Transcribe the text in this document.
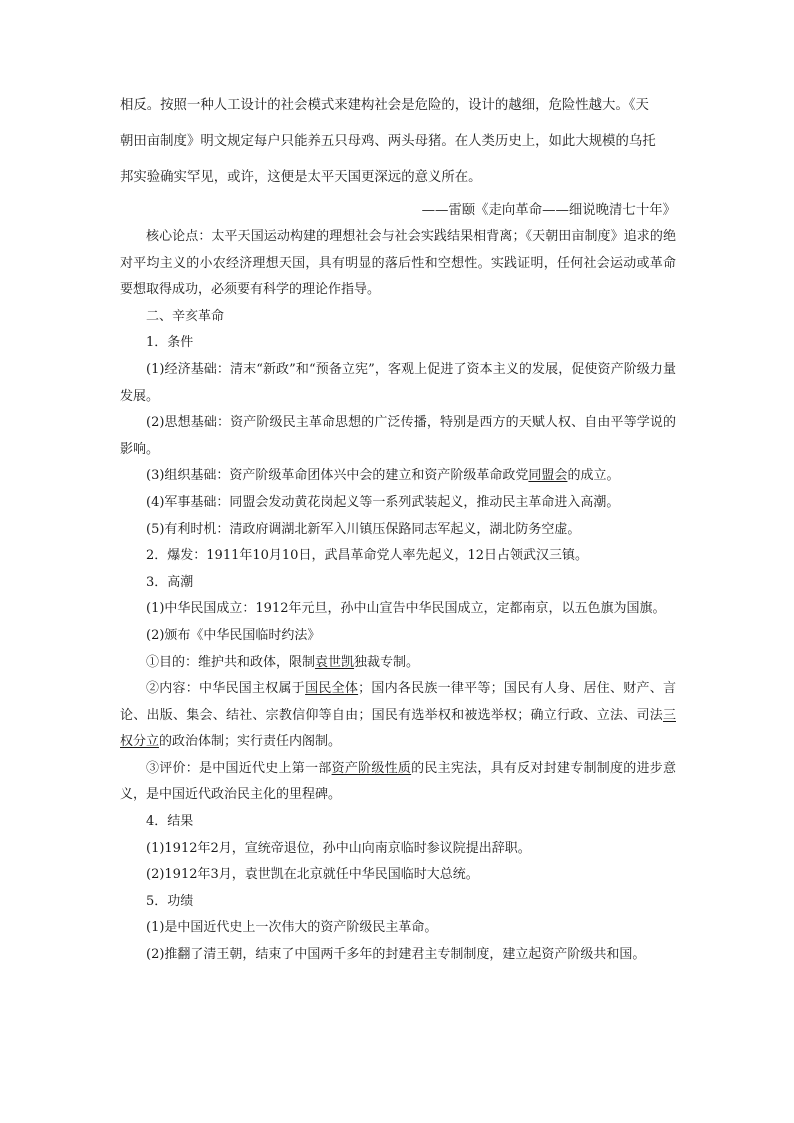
相反。按照一种人工设计的社会模式来建构社会是危险的，设计的越细，危险性越大。《天

朝田亩制度》明文规定每户只能养五只母鸡、两头母猪。在人类历史上，如此大规模的乌托

邦实验确实罕见，或许，这便是太平天国更深远的意义所在。

——雷颐《走向革命——细说晚清七十年》

核心论点：太平天国运动构建的理想社会与社会实践结果相背离；《天朝田亩制度》追求的绝对平均主义的小农经济理想天国，具有明显的落后性和空想性。实践证明，任何社会运动或革命要想取得成功，必须要有科学的理论作指导。

二、辛亥革命

1．条件

(1)经济基础：清末“新政”和“预备立宪”，客观上促进了资本主义的发展，促使资产阶级力量发展。

(2)思想基础：资产阶级民主革命思想的广泛传播，特别是西方的天赋人权、自由平等学说的影响。

(3)组织基础：资产阶级革命团体兴中会的建立和资产阶级革命政党同盟会的成立。

(4)军事基础：同盟会发动黄花岗起义等一系列武装起义，推动民主革命进入高潮。

(5)有利时机：清政府调湖北新军入川镇压保路同志军起义，湖北防务空虚。

2．爆发：1911年10月10日，武昌革命党人率先起义，12日占领武汉三镇。

3．高潮

(1)中华民国成立：1912年元旦，孙中山宣告中华民国成立，定都南京，以五色旗为国旗。

(2)颁布《中华民国临时约法》

①目的：维护共和政体，限制袁世凯独裁专制。

②内容：中华民国主权属于国民全体；国内各民族一律平等；国民有人身、居住、财产、言论、出版、集会、结社、宗教信仰等自由；国民有选举权和被选举权；确立行政、立法、司法三权分立的政治体制；实行责任内阁制。

③评价：是中国近代史上第一部资产阶级性质的民主宪法，具有反对封建专制制度的进步意义，是中国近代政治民主化的里程碑。

4．结果

(1)1912年2月，宣统帝退位，孙中山向南京临时参议院提出辞职。

(2)1912年3月，袁世凯在北京就任中华民国临时大总统。

5．功绩

(1)是中国近代史上一次伟大的资产阶级民主革命。

(2)推翻了清王朝，结束了中国两千多年的封建君主专制制度，建立起资产阶级共和国。
